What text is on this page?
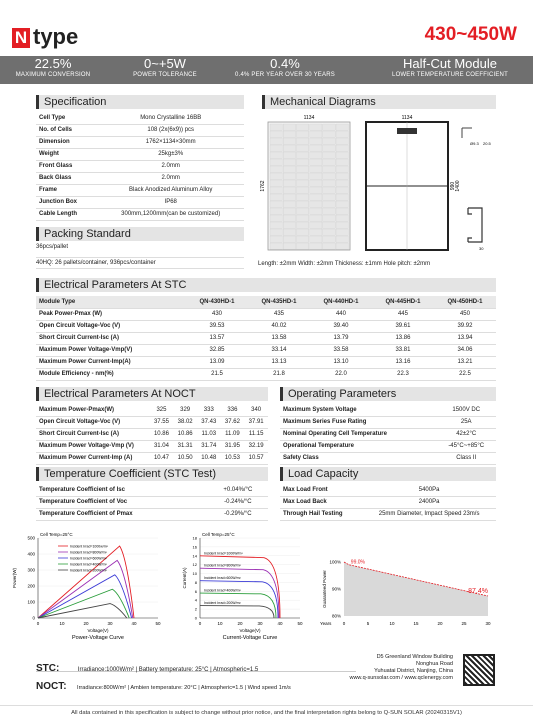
N type	430~450W
22.5%
MAXIMUM CONVERSION
0~+5W
POWER TOLERANCE
0.4%
0.4% PER YEAR OVER 30 YEARS
Half-Cut Module
LOWER TEMPERATURE COEFFICIENT
Specification
Cell Type	Mono Crystalline 16BB
No. of Cells	108 (2x(6x9)) pcs
Dimension	1762×1134×30mm
Weight	25kg±3%
Front Glass	2.0mm
Back Glass	2.0mm
Frame	Black Anodized Aluminum Alloy
Junction Box	IP68
Cable Length	300mm,1200mm(can be customized)
Mechanical Diagrams
1134	1134
1762	990 1400
Ø9.3 20.5
30
Length: ±2mm Width: ±2mm Thickness: ±1mm Hole pitch: ±2mm
Packing Standard
36pcs/pallet
40HQ: 26 pallets/container, 936pcs/container
Electrical Parameters At STC
Module Type	QN-430HD-1	QN-435HD-1	QN-440HD-1	QN-445HD-1	QN-450HD-1
Peak Power-Pmax (W)	430	435	440	445	450
Open Circuit Voltage-Voc (V)	39.53	40.02	39.40	39.61	39.92
Short Circuit Current-Isc (A)	13.57	13.58	13.79	13.86	13.94
Maximum Power Voltage-Vmp(V)	32.85	33.14	33.58	33.81	34.06
Maximum Power Current-Imp(A)	13.09	13.13	13.10	13.16	13.21
Module Efficiency - nm(%)	21.5	21.8	22.0	22.3	22.5
Electrical Parameters At NOCT
Maximum Power-Pmax(W)	325	329	333	336	340
Open Circuit Voltage-Voc (V)	37.55	38.02	37.43	37.62	37.91
Short Circuit Current-Isc (A)	10.86	10.86	11.03	11.09	11.15
Maximum Power Voltage-Vmp (V)	31.04	31.31	31.74	31.95	32.19
Maximum Power Current-Imp (A)	10.47	10.50	10.48	10.53	10.57
Operating Parameters
Maximum System Voltage	1500V DC
Maximum Series Fuse Rating	25A
Nominal Operating Cell Temperature	42±2°C
Operational Temperature	-45°C~+85°C
Safety Class	Class II
Temperature Coefficient (STC Test)
Temperature Coefficient of Isc	+0.04%/°C
Temperature Coefficient of Voc	-0.24%/°C
Temperature Coefficient of Pmax	-0.29%/°C
Load Capacity
Max Load Front	5400Pa
Max Load Back	2400Pa
Through Hail Testing	25mm Diameter, Impact Speed 23m/s
Cell Temp=25°C
0
100
200
300
400
500
0	10	20	30	40	50
Incident Irrad=1000w/m²
Incident Irrad=800W/m²
Incident Irrad=600W/m²
Incident Irrad=400W/m²
Incident Irrad=200W/m²
Power(W)
Voltage(V)
Power-Voltage Curve
Cell Temp=25°C
0
2
4
6
8
10
12
14
16
18
0	10	20	30	40	50
Incident Irrad=1000W/m²
Incident Irrad=800W/m²
Incident Irrad=600W/m²
Incident Irrad=400W/m²
Incident Irrad=200W/m²
Current(A)
Voltage(V)
Current-Voltage Curve
100%
90%
80%
0	5	10	15	20	25	30
Years
Guaranteed Power
99.0%
87.4%
STC:	Irradiance:1000W/m² | Battery temperature: 25°C | Atmospheric=1.5
NOCT: Irradiance:800W/m² | Ambien temperature: 20°C | Atmospheric=1.5 | Wind speed 1m/s
D5 Greenland Window Building
Nonghua Road
Yuhuatai District, Nanjing, China
www.q-sunsolar.com / www.qclenergy.com
All data contained in this specification is subject to change without prior notice, and the final interpretation rights belong to Q-SUN SOLAR (20240315V1)
